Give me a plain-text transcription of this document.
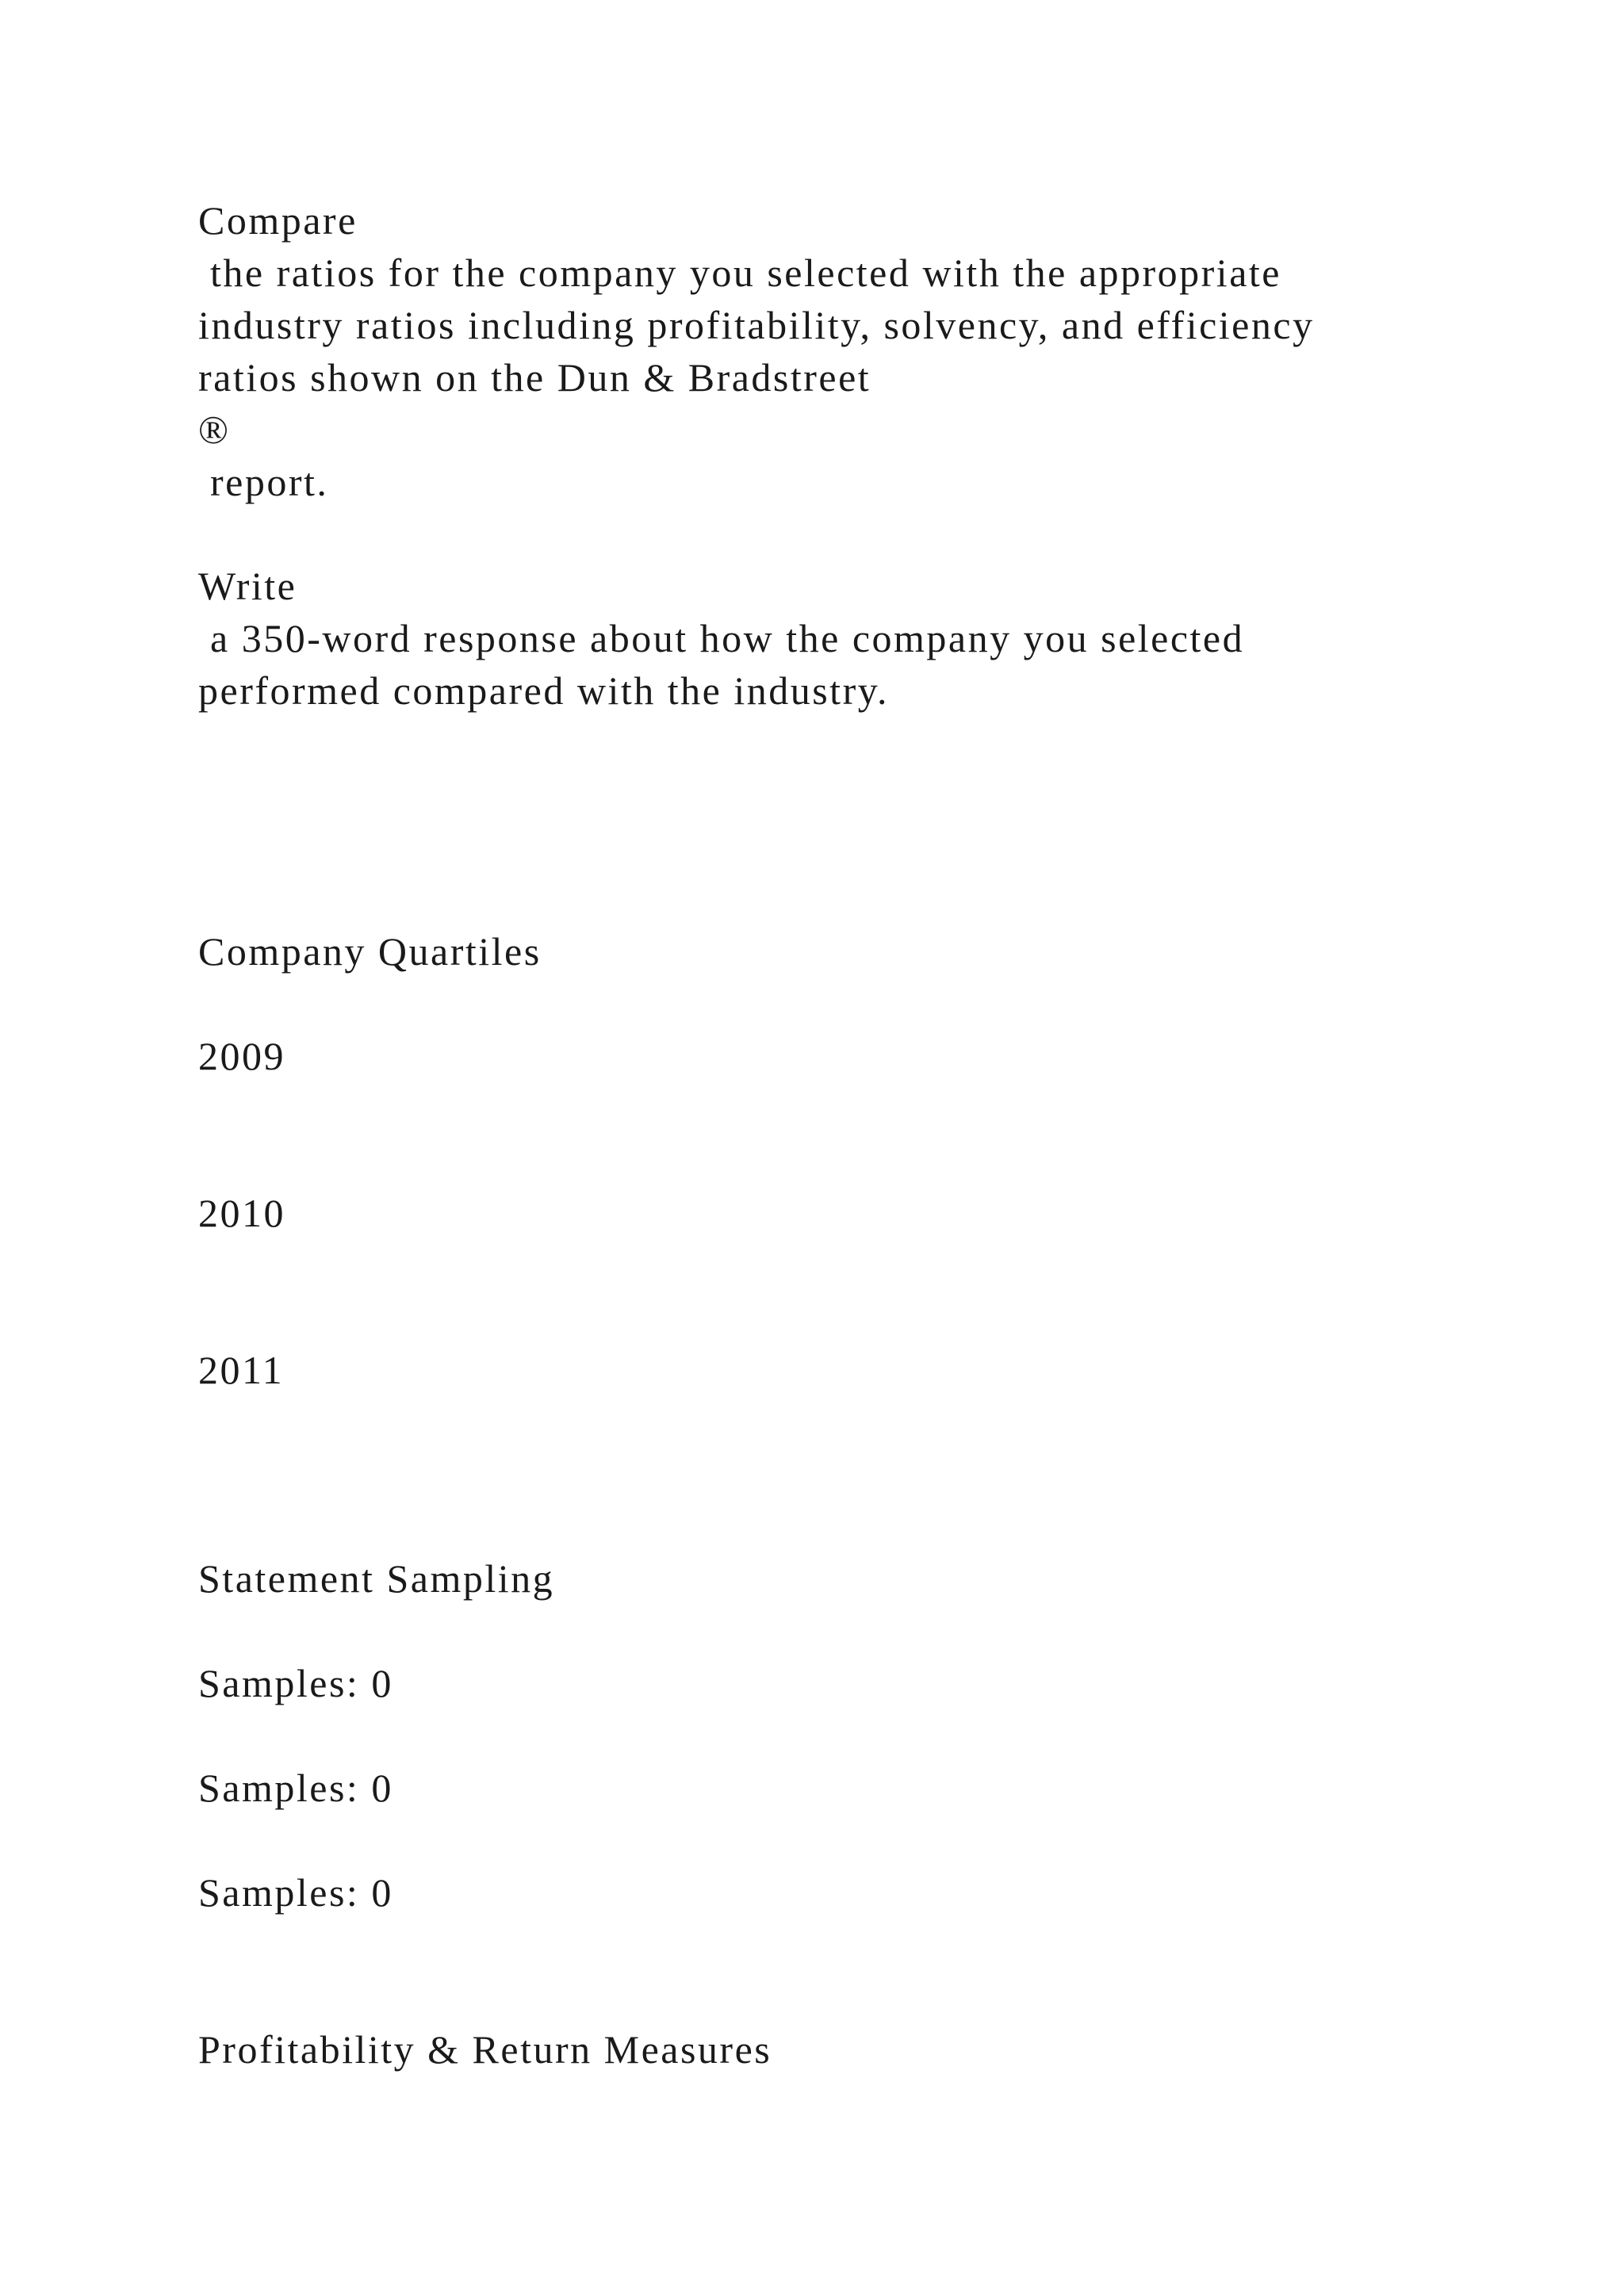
Compare
the ratios for the company you selected with the appropriate
industry ratios including profitability, solvency, and efficiency
ratios shown on the Dun & Bradstreet
®
report.
Write
a 350-word response about how the company you selected
performed compared with the industry.
Company Quartiles
2009
2010
2011
Statement Sampling
Samples: 0
Samples: 0
Samples: 0
Profitability & Return Measures
